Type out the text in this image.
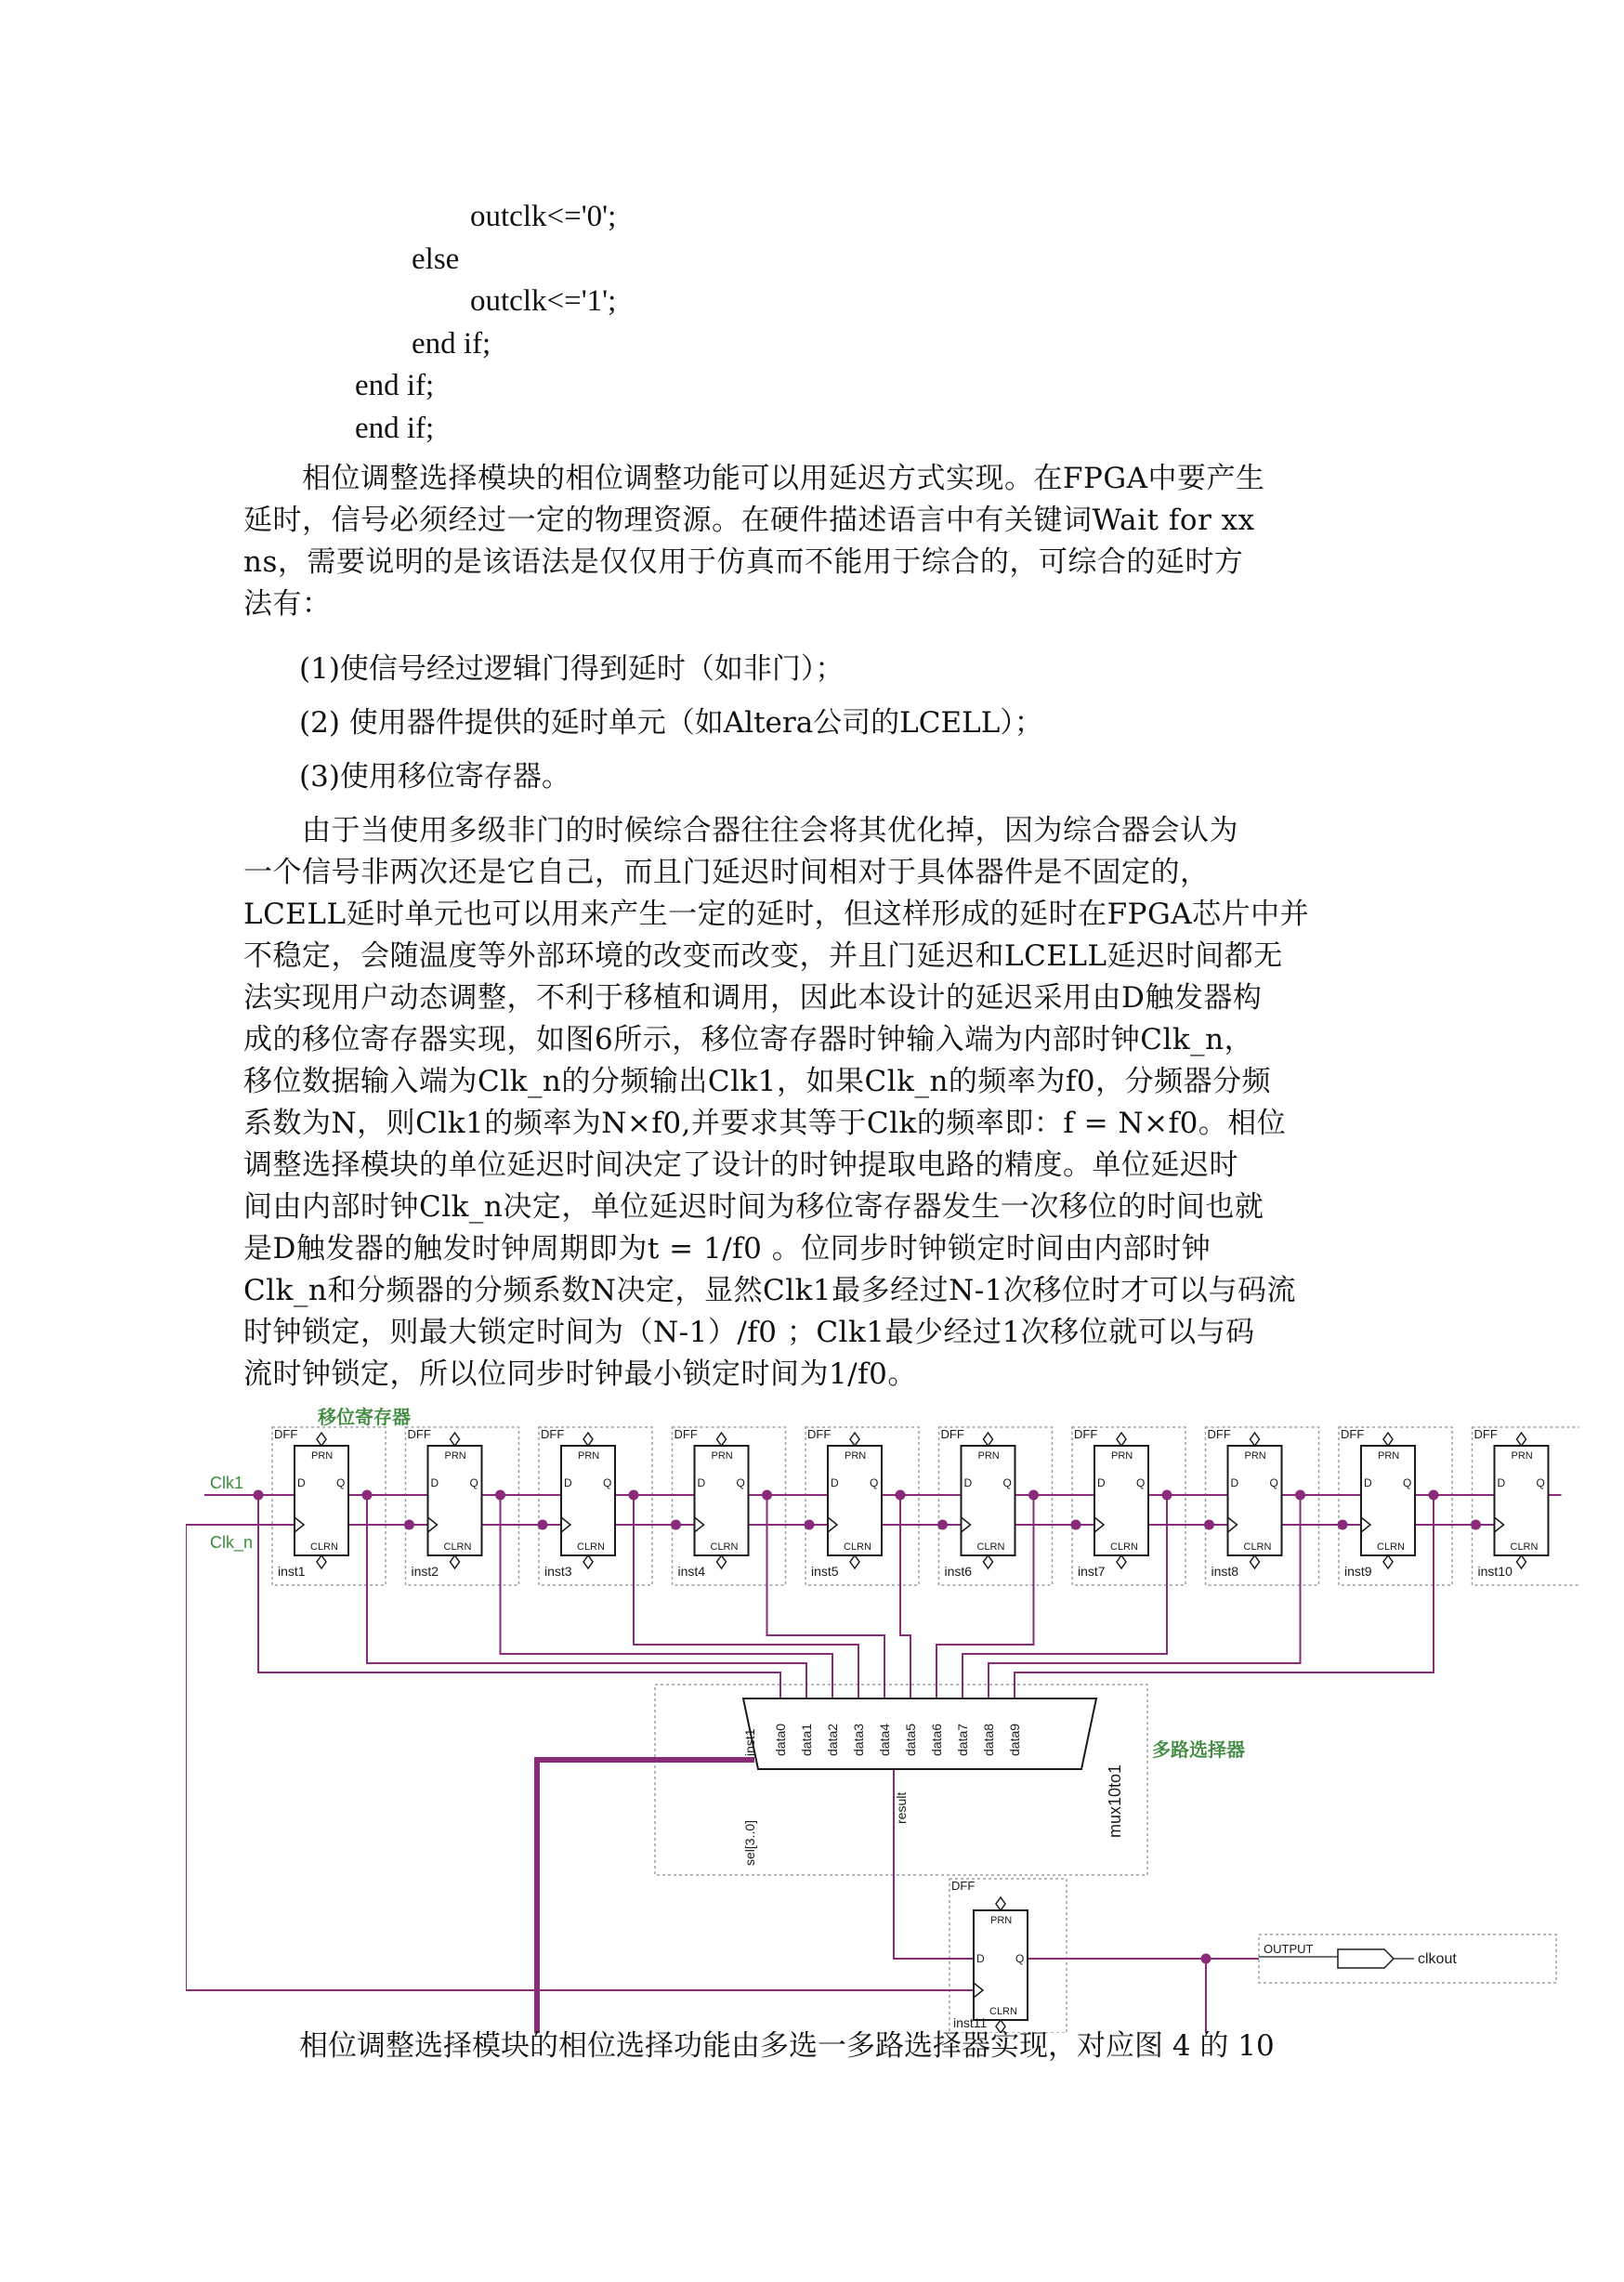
outclk<='0';
else
outclk<='1';
end if;
end if;
end if;
　　相位调整选择模块的相位调整功能可以用延迟方式实现。在FPGA中要产生
延时，信号必须经过一定的物理资源。在硬件描述语言中有关键词Wait for xx
ns，需要说明的是该语法是仅仅用于仿真而不能用于综合的，可综合的延时方
法有：
(1)使信号经过逻辑门得到延时（如非门）；
(2) 使用器件提供的延时单元（如Altera公司的LCELL）；
(3)使用移位寄存器。
　　由于当使用多级非门的时候综合器往往会将其优化掉，因为综合器会认为
一个信号非两次还是它自己，而且门延迟时间相对于具体器件是不固定的，
LCELL延时单元也可以用来产生一定的延时，但这样形成的延时在FPGA芯片中并
不稳定，会随温度等外部环境的改变而改变，并且门延迟和LCELL延迟时间都无
法实现用户动态调整，不利于移植和调用，因此本设计的延迟采用由D触发器构
成的移位寄存器实现，如图6所示，移位寄存器时钟输入端为内部时钟Clk_n，
移位数据输入端为Clk_n的分频输出Clk1，如果Clk_n的频率为f0，分频器分频
系数为N，则Clk1的频率为N×f0,并要求其等于Clk的频率即：f = N×f0。相位
调整选择模块的单位延迟时间决定了设计的时钟提取电路的精度。单位延迟时
间由内部时钟Clk_n决定，单位延迟时间为移位寄存器发生一次移位的时间也就
是D触发器的触发时钟周期即为t = 1/f0 。位同步时钟锁定时间由内部时钟
Clk_n和分频器的分频系数N决定，显然Clk1最多经过N-1次移位时才可以与码流
时钟锁定，则最大锁定时间为（N-1）/f0 ；Clk1最少经过1次移位就可以与码
流时钟锁定，所以位同步时钟最小锁定时间为1/f0。
移位寄存器
Clk1
Clk_n
DFF
PRN
D	Q
CLRN
inst1
DFF
PRN
D	Q
CLRN
inst2
DFF
PRN
D	Q
CLRN
inst3
DFF
PRN
D	Q
CLRN
inst4
DFF
PRN
D	Q
CLRN
inst5
DFF
PRN
D	Q
CLRN
inst6
DFF
PRN
D	Q
CLRN
inst7
DFF
PRN
D	Q
CLRN
inst8
DFF
PRN
D	Q
CLRN
inst9
DFF
PRN
D	Q
CLRN
inst10
inst1 data0 data1 data2 data3 data4 data5 data6 data7 data8 data9
mux10to1
多路选择器
sel[3..0]
result
DFF
PRN
D	Q
CLRN
inst11
OUTPUT
clkout
相位调整选择模块的相位选择功能由多选一多路选择器实现，对应图 4 的 10
